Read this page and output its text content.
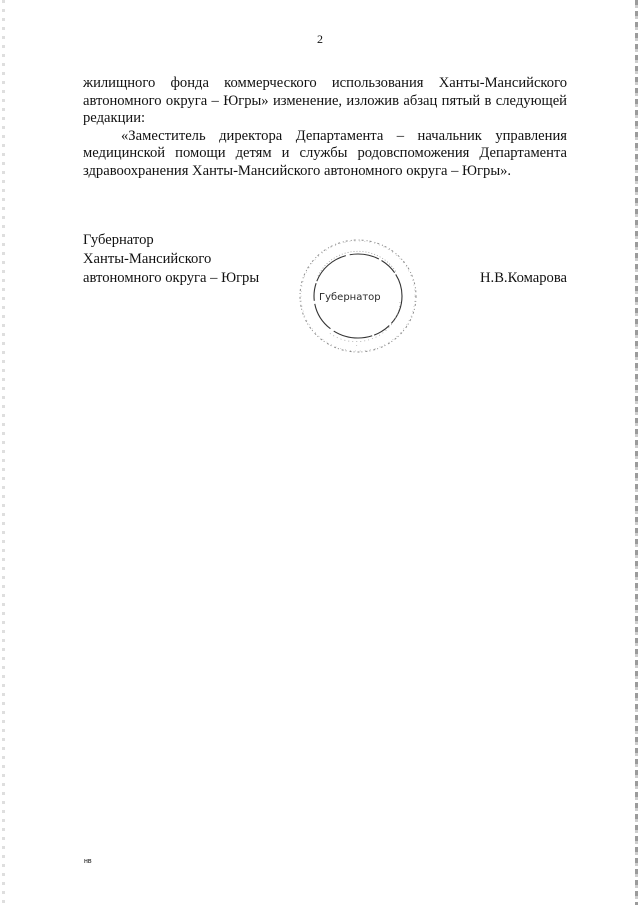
2

жилищного фонда коммерческого использования Ханты-Мансийского автономного округа – Югры» изменение, изложив абзац пятый в следующей редакции:

«Заместитель директора Департамента – начальник управления медицинской помощи детям и службы родовспоможения Департамента здравоохранения Ханты-Мансийского автономного округа – Югры».

Губернатор
Ханты-Мансийского
автономного округа – Югры
Губернатор
·
Н.В.Комарова
нв
